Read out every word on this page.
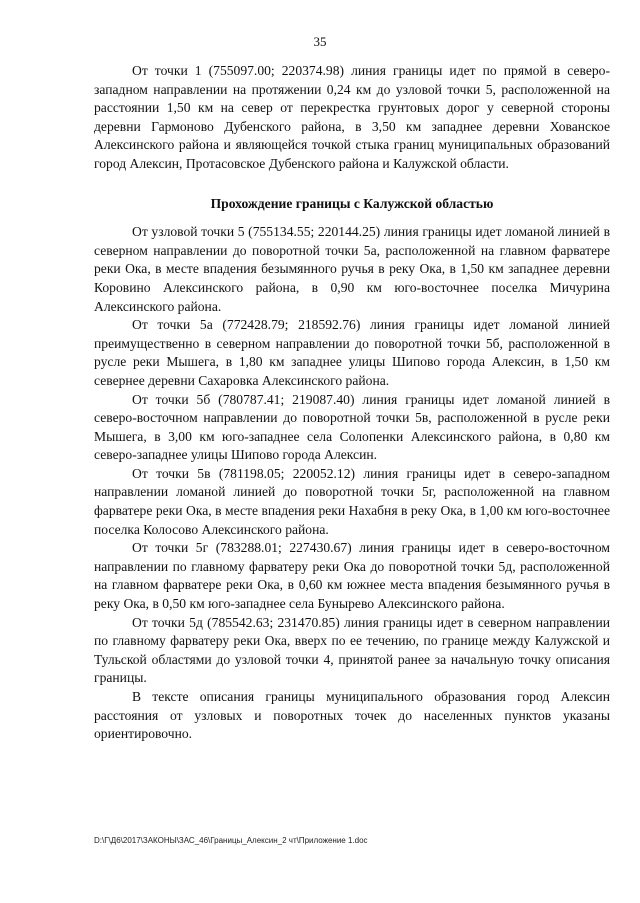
35

От точки 1 (755097.00; 220374.98) линия границы идет по прямой в северо-западном направлении на протяжении 0,24 км до узловой точки 5, расположенной на расстоянии 1,50 км на север от перекрестка грунтовых дорог у северной стороны деревни Гармоново Дубенского района, в 3,50 км западнее деревни Хованское Алексинского района и являющейся точкой стыка границ муниципальных образований город Алексин, Протасовское Дубенского района и Калужской области.

Прохождение границы с Калужской областью

От узловой точки 5 (755134.55; 220144.25) линия границы идет ломаной линией в северном направлении до поворотной точки 5а, расположенной на главном фарватере реки Ока, в месте впадения безымянного ручья в реку Ока, в 1,50 км западнее деревни Коровино Алексинского района, в 0,90 км юго-восточнее поселка Мичурина Алексинского района.

От точки 5а (772428.79; 218592.76) линия границы идет ломаной линией преимущественно в северном направлении до поворотной точки 5б, расположенной в русле реки Мышега, в 1,80 км западнее улицы Шипово города Алексин, в 1,50 км севернее деревни Сахаровка Алексинского района.

От точки 5б (780787.41; 219087.40) линия границы идет ломаной линией в северо-восточном направлении до поворотной точки 5в, расположенной в русле реки Мышега, в 3,00 км юго-западнее села Солопенки Алексинского района, в 0,80 км северо-западнее улицы Шипово города Алексин.

От точки 5в (781198.05; 220052.12) линия границы идет в северо-западном направлении ломаной линией до поворотной точки 5г, расположенной на главном фарватере реки Ока, в месте впадения реки Нахабня в реку Ока, в 1,00 км юго-восточнее поселка Колосово Алексинского района.

От точки 5г (783288.01; 227430.67) линия границы идет в северо-восточном направлении по главному фарватеру реки Ока до поворотной точки 5д, расположенной на главном фарватере реки Ока, в 0,60 км южнее места впадения безымянного ручья в реку Ока, в 0,50 км юго-западнее села Бунырево Алексинского района.

От точки 5д (785542.63; 231470.85) линия границы идет в северном направлении по главному фарватеру реки Ока, вверх по ее течению, по границе между Калужской и Тульской областями до узловой точки 4, принятой ранее за начальную точку описания границы.

В тексте описания границы муниципального образования город Алексин расстояния от узловых и поворотных точек до населенных пунктов указаны ориентировочно.

D:\Г\Д6\2017\ЗАКОНЫ\ЗАС_46\Границы_Алексин_2 чт\Приложение 1.doc
